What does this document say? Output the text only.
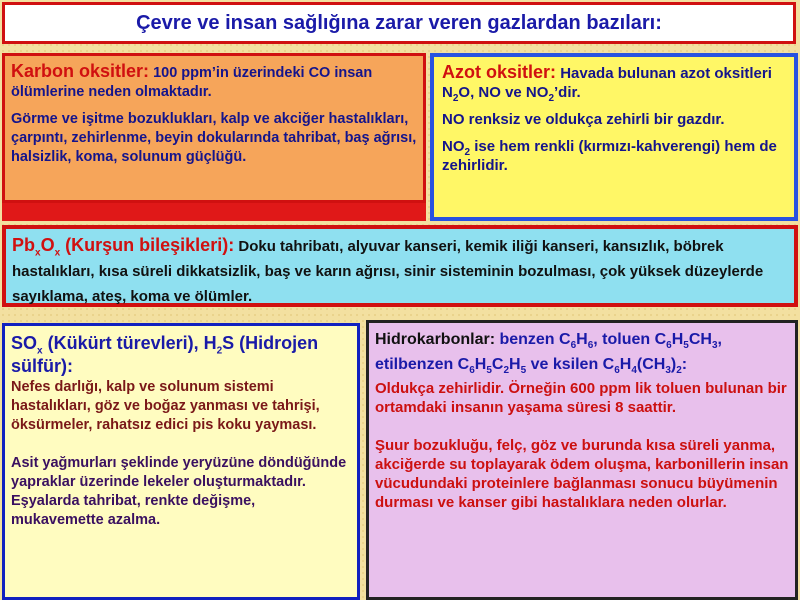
Çevre ve insan sağlığına zarar veren gazlardan bazıları:

Karbon oksitler: 100 ppm’in üzerindeki CO insan ölümlerine neden olmaktadır.

Görme ve işitme bozuklukları, kalp ve akciğer hastalıkları, çarpıntı, zehirlenme, beyin dokularında tahribat, baş ağrısı, halsizlik, koma, solunum güçlüğü.

Azot oksitler: Havada bulunan azot oksitleri $N_2O$, NO ve $NO_2’dir$.

NO renksiz ve oldukça zehirli bir gazdır.

$NO_2$ ise hem renkli (kırmızı-kahverengi) hem de zehirlidir.

$Pb_xO_x$ (Kurşun bileşikleri): Doku tahribatı, alyuvar kanseri, kemik iliği kanseri, kansızlık, böbrek hastalıkları, kısa süreli dikkatsizlik, baş ve karın ağrısı, sinir sisteminin bozulması, çok yüksek düzeylerde sayıklama, ateş, koma ve ölümler.

$SO_x$ (Kükürt türevleri), $H_2S$ (Hidrojen sülfür):

Nefes darlığı, kalp ve solunum sistemi hastalıkları, göz ve boğaz yanması ve tahrişi, öksürmeler, rahatsız edici pis koku yayması.

Asit yağmurları şeklinde yeryüzüne döndüğünde yapraklar üzerinde lekeler oluşturmaktadır.

Eşyalarda tahribat, renkte değişme, mukavemette azalma.

Hidrokarbonlar: benzen $C_6H_6$, toluen $C_6H_5CH_3$, etilbenzen $C_6H_5C_2H_5$ ve ksilen $C_6H_4(CH_3)_2$:

Oldukça zehirlidir. Örneğin 600 ppm lik toluen bulunan bir ortamdaki insanın yaşama süresi 8 saattir.

Şuur bozukluğu, felç, göz ve burunda kısa süreli yanma, akciğerde su toplayarak ödem oluşma, karbonillerin insan vücudundaki proteinlere bağlanması sonucu büyümenin durması ve kanser gibi hastalıklara neden olurlar.
